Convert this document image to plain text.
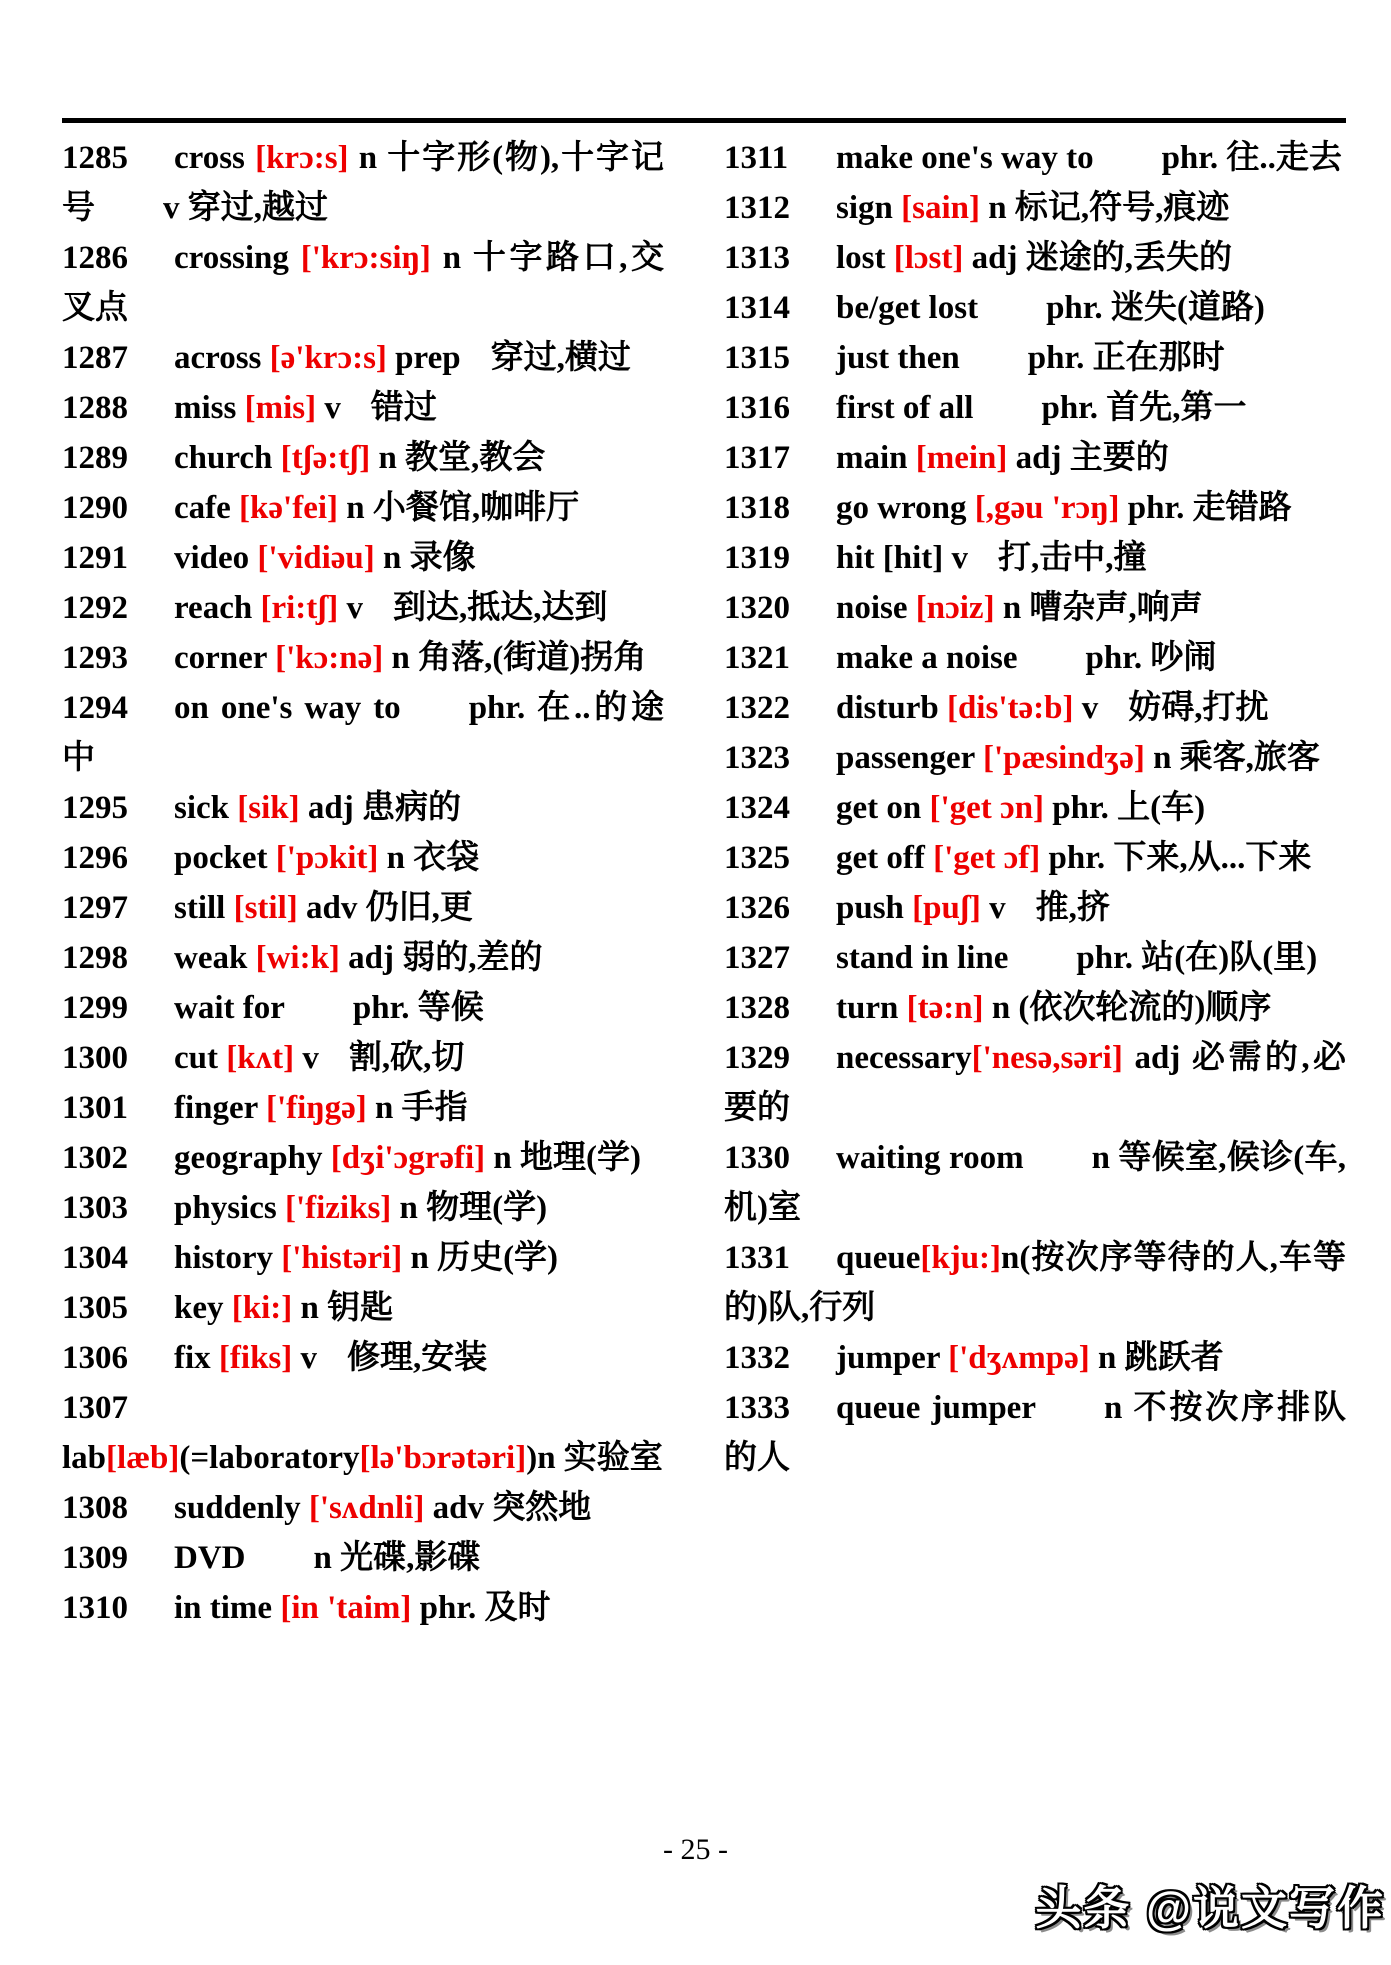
1285 cross [krɔ:s] n 十字形(物),十字记号 v 穿过,越过

1286 crossing ['krɔ:siŋ] n 十字路口,交叉点

1287 across [ə'krɔ:s] prep 穿过,横过

1288 miss [mis] v 错过

1289 church [tʃə:tʃ] n 教堂,教会

1290 cafe [kə'fei] n 小餐馆,咖啡厅

1291 video ['vidiəu] n 录像

1292 reach [ri:tʃ] v 到达,抵达,达到

1293 corner ['kɔ:nə] n 角落,(街道)拐角

1294 on one's way to phr. 在..的途中

1295 sick [sik] adj 患病的

1296 pocket ['pɔkit] n 衣袋

1297 still [stil] adv 仍旧,更

1298 weak [wi:k] adj 弱的,差的

1299 wait for phr. 等候

1300 cut [kʌt] v 割,砍,切

1301 finger ['fiŋgə] n 手指

1302 geography [dʒi'ɔgrəfi] n 地理(学)

1303 physics ['fiziks] n 物理(学)

1304 history ['histəri] n 历史(学)

1305 key [ki:] n 钥匙

1306 fix [fiks] v 修理,安装

1307
lab[læb](=laboratory[lə'bɔrətəri])n 实验室

1308 suddenly ['sʌdnli] adv 突然地

1309 DVD n 光碟,影碟

1310 in time [in 'taim] phr. 及时

1311 make one's way to phr. 往..走去

1312 sign [sain] n 标记,符号,痕迹

1313 lost [lɔst] adj 迷途的,丢失的

1314 be/get lost phr. 迷失(道路)

1315 just then phr. 正在那时

1316 first of all phr. 首先,第一

1317 main [mein] adj 主要的

1318 go wrong [,gəu 'rɔŋ] phr. 走错路

1319 hit [hit] v 打,击中,撞

1320 noise [nɔiz] n 嘈杂声,响声

1321 make a noise phr. 吵闹

1322 disturb [dis'tə:b] v 妨碍,打扰

1323 passenger ['pæsindʒə] n 乘客,旅客

1324 get on ['get ɔn] phr. 上(车)

1325 get off ['get ɔf] phr. 下来,从...下来

1326 push [puʃ] v 推,挤

1327 stand in line phr. 站(在)队(里)

1328 turn [tə:n] n (依次轮流的)顺序

1329 necessary['nesə,səri] adj 必需的,必要的

1330 waiting room n 等候室,候诊(车,机)室

1331 queue[kju:]n(按次序等待的人,车等的)队,行列

1332 jumper ['dʒʌmpə] n 跳跃者

1333 queue jumper n 不按次序排队的人

- 25 -
头条 @说文写作
